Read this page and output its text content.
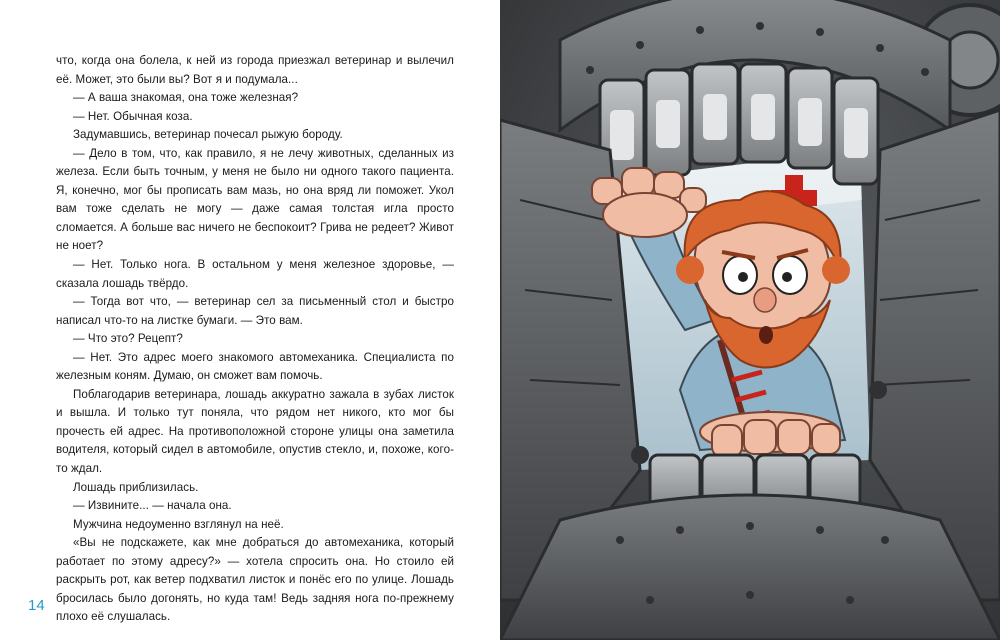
что, когда она болела, к ней из города приезжал ветеринар и вылечил её. Может, это были вы? Вот я и подумала...

— А ваша знакомая, она тоже железная?

— Нет. Обычная коза.

Задумавшись, ветеринар почесал рыжую бороду.

— Дело в том, что, как правило, я не лечу животных, сделанных из железа. Если быть точным, у меня не было ни одного такого пациента. Я, конечно, мог бы прописать вам мазь, но она вряд ли поможет. Укол вам тоже сделать не могу — даже самая толстая игла просто сломается. А больше вас ничего не беспокоит? Грива не редеет? Живот не ноет?

— Нет. Только нога. В остальном у меня железное здоровье, — сказала лошадь твёрдо.

— Тогда вот что, — ветеринар сел за письменный стол и быстро написал что-то на листке бумаги. — Это вам.

— Что это? Рецепт?

— Нет. Это адрес моего знакомого автомеханика. Специалиста по железным коням. Думаю, он сможет вам помочь.

Поблагодарив ветеринара, лошадь аккуратно зажала в зубах листок и вышла. И только тут поняла, что рядом нет никого, кто мог бы прочесть ей адрес. На противоположной стороне улицы она заметила водителя, который сидел в автомобиле, опустив стекло, и, похоже, кого-то ждал.

Лошадь приблизилась.

— Извините... — начала она.

Мужчина недоуменно взглянул на неё.

«Вы не подскажете, как мне добраться до автомеханика, который работает по этому адресу?» — хотела спросить она. Но стоило ей раскрыть рот, как ветер подхватил листок и понёс его по улице. Лошадь бросилась было догонять, но куда там! Ведь задняя нога по-прежнему плохо её слушалась.

14
